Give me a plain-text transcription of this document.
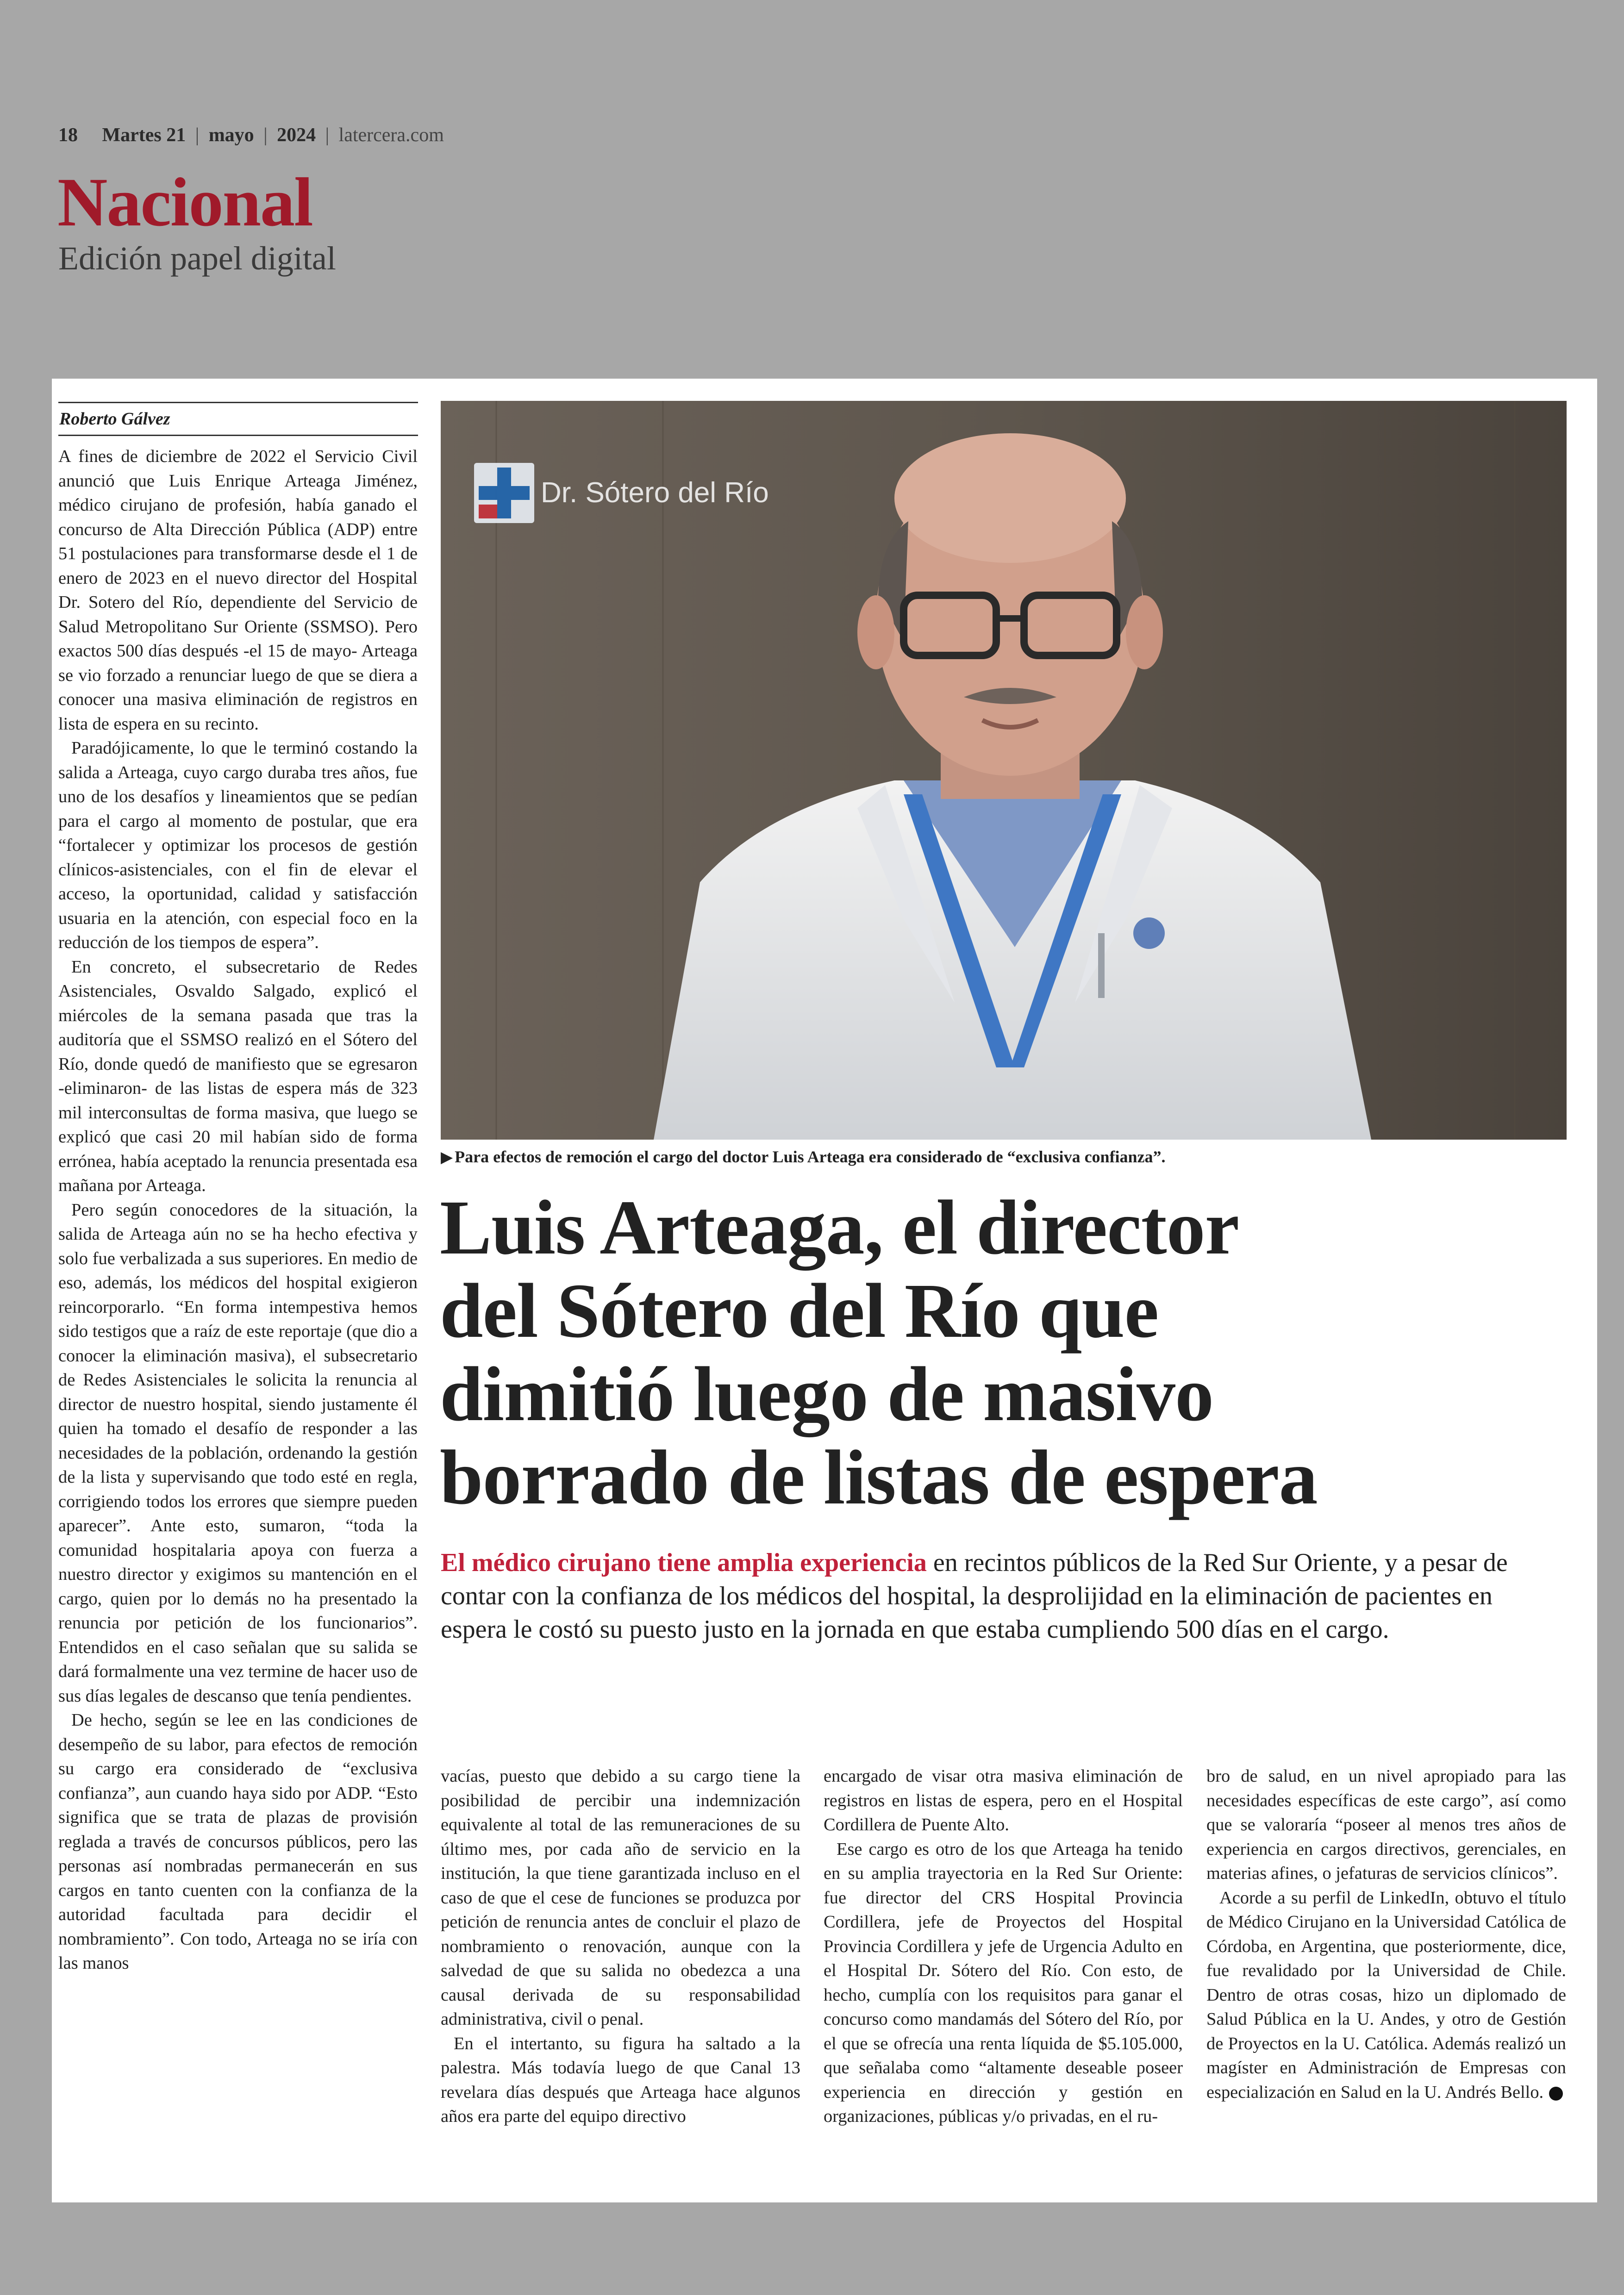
18 Martes 21 | mayo | 2024 | latercera.com
Nacional
Edición papel digital
Roberto Gálvez

A fines de diciembre de 2022 el Servicio Civil anunció que Luis Enrique Arteaga Jiménez, médico cirujano de profesión, había ganado el concurso de Alta Dirección Pública (ADP) entre 51 postulaciones para transformarse desde el 1 de enero de 2023 en el nuevo director del Hospital Dr. Sotero del Río, dependiente del Servicio de Salud Metropolitano Sur Oriente (SSMSO). Pero exactos 500 días después -el 15 de mayo- Arteaga se vio forzado a renunciar luego de que se diera a conocer una masiva eliminación de registros en lista de espera en su recinto.

Paradójicamente, lo que le terminó costando la salida a Arteaga, cuyo cargo duraba tres años, fue uno de los desafíos y lineamientos que se pedían para el cargo al momento de postular, que era “fortalecer y optimizar los procesos de gestión clínicos-asistenciales, con el fin de elevar el acceso, la oportunidad, calidad y satisfacción usuaria en la atención, con especial foco en la reducción de los tiempos de espera”.

En concreto, el subsecretario de Redes Asistenciales, Osvaldo Salgado, explicó el miércoles de la semana pasada que tras la auditoría que el SSMSO realizó en el Sótero del Río, donde quedó de manifiesto que se egresaron -eliminaron- de las listas de espera más de 323 mil interconsultas de forma masiva, que luego se explicó que casi 20 mil habían sido de forma errónea, había aceptado la renuncia presentada esa mañana por Arteaga.

Pero según conocedores de la situación, la salida de Arteaga aún no se ha hecho efectiva y solo fue verbalizada a sus superiores. En medio de eso, además, los médicos del hospital exigieron reincorporarlo. “En forma intempestiva hemos sido testigos que a raíz de este reportaje (que dio a conocer la eliminación masiva), el subsecretario de Redes Asistenciales le solicita la renuncia al director de nuestro hospital, siendo justamente él quien ha tomado el desafío de responder a las necesidades de la población, ordenando la gestión de la lista y supervisando que todo esté en regla, corrigiendo todos los errores que siempre pueden aparecer”. Ante esto, sumaron, “toda la comunidad hospitalaria apoya con fuerza a nuestro director y exigimos su mantención en el cargo, quien por lo demás no ha presentado la renuncia por petición de los funcionarios”. Entendidos en el caso señalan que su salida se dará formalmente una vez termine de hacer uso de sus días legales de descanso que tenía pendientes.

De hecho, según se lee en las condiciones de desempeño de su labor, para efectos de remoción su cargo era considerado de “exclusiva confianza”, aun cuando haya sido por ADP. “Esto significa que se trata de plazas de provisión reglada a través de concursos públicos, pero las personas así nombradas permanecerán en sus cargos en tanto cuenten con la confianza de la autoridad facultada para decidir el nombramiento”. Con todo, Arteaga no se iría con las manos

Dr. Sótero del Río
▶ Para efectos de remoción el cargo del doctor Luis Arteaga era considerado de “exclusiva confianza”.
Luis Arteaga, el director
del Sótero del Río que
dimitió luego de masivo
borrado de listas de espera
El médico cirujano tiene amplia experiencia en recintos públicos de la Red Sur Oriente, y a pesar de contar con la confianza de los médicos del hospital, la desprolijidad en la eliminación de pacientes en espera le costó su puesto justo en la jornada en que estaba cumpliendo 500 días en el cargo.

vacías, puesto que debido a su cargo tiene la posibilidad de percibir una indemnización equivalente al total de las remuneraciones de su último mes, por cada año de servicio en la institución, la que tiene garantizada incluso en el caso de que el cese de funciones se produzca por petición de renuncia antes de concluir el plazo de nombramiento o renovación, aunque con la salvedad de que su salida no obedezca a una causal derivada de su responsabilidad administrativa, civil o penal.

En el intertanto, su figura ha saltado a la palestra. Más todavía luego de que Canal 13 revelara días después que Arteaga hace algunos años era parte del equipo directivo

encargado de visar otra masiva eliminación de registros en listas de espera, pero en el Hospital Cordillera de Puente Alto.

Ese cargo es otro de los que Arteaga ha tenido en su amplia trayectoria en la Red Sur Oriente: fue director del CRS Hospital Provincia Cordillera, jefe de Proyectos del Hospital Provincia Cordillera y jefe de Urgencia Adulto en el Hospital Dr. Sótero del Río. Con esto, de hecho, cumplía con los requisitos para ganar el concurso como mandamás del Sótero del Río, por el que se ofrecía una renta líquida de $5.105.000, que señalaba como “altamente deseable poseer experiencia en dirección y gestión en organizaciones, públicas y/o privadas, en el ru-

bro de salud, en un nivel apropiado para las necesidades específicas de este cargo”, así como que se valoraría “poseer al menos tres años de experiencia en cargos directivos, gerenciales, en materias afines, o jefaturas de servicios clínicos”.

Acorde a su perfil de LinkedIn, obtuvo el título de Médico Cirujano en la Universidad Católica de Córdoba, en Argentina, que posteriormente, dice, fue revalidado por la Universidad de Chile. Dentro de otras cosas, hizo un diplomado de Salud Pública en la U. Andes, y otro de Gestión de Proyectos en la U. Católica. Además realizó un magíster en Administración de Empresas con especialización en Salud en la U. Andrés Bello.
